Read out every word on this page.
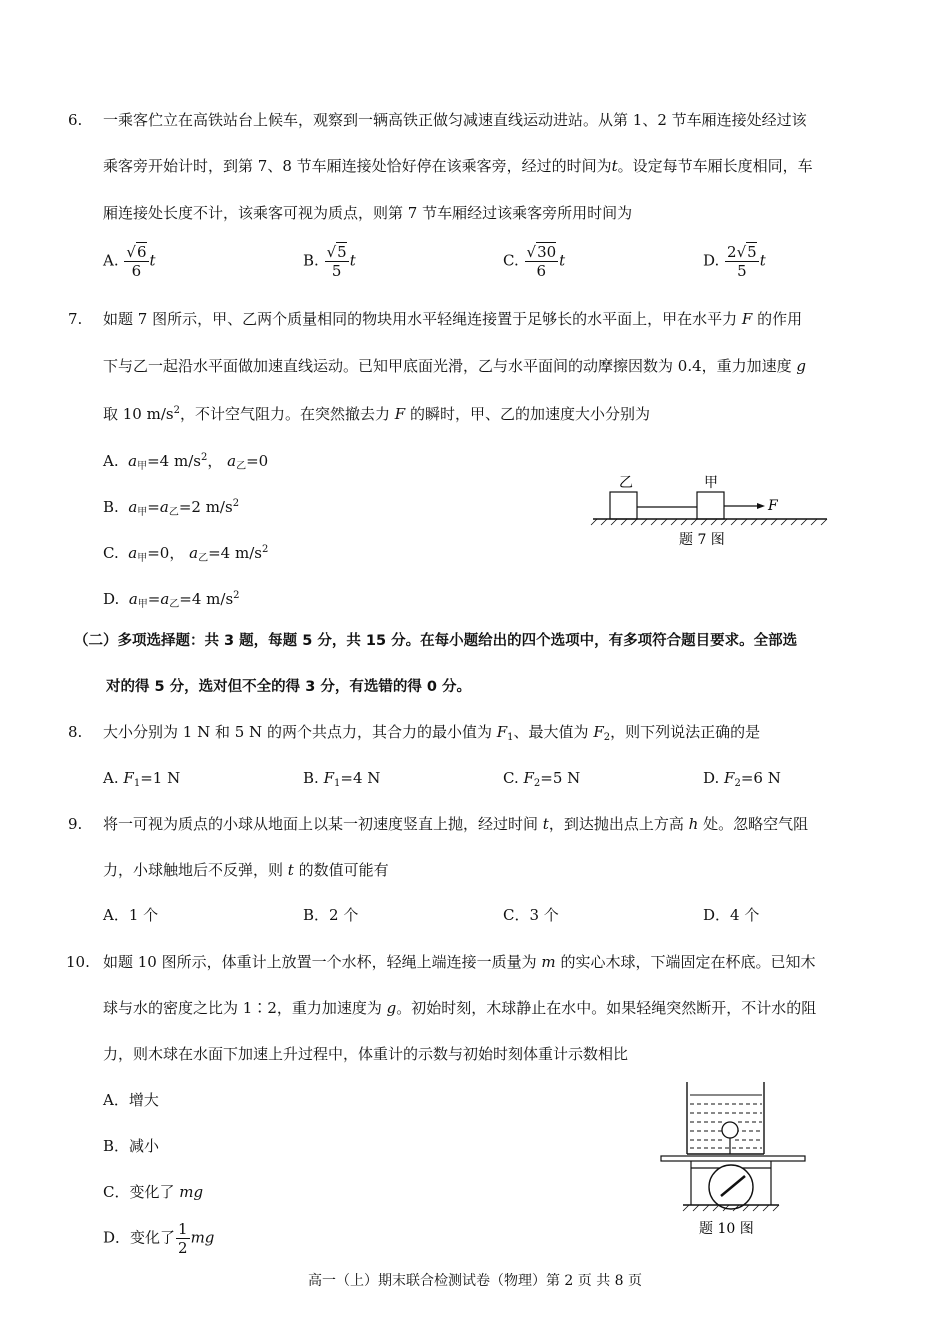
6. 一乘客伫立在高铁站台上候车，观察到一辆高铁正做匀减速直线运动进站。从第 1、2 节车厢连接处经过该
乘客旁开始计时，到第 7、8 节车厢连接处恰好停在该乘客旁，经过的时间为t。设定每节车厢长度相同，车
厢连接处长度不计，该乘客可视为质点，则第 7 节车厢经过该乘客旁所用时间为
A. $\frac{√6}{6}$ t	B. $\frac{√5}{5}$ t	C. $\frac{√30}{6}$ t	D. $\frac{2√5}{5}$ t
7. 如题 7 图所示，甲、乙两个质量相同的物块用水平轻绳连接置于足够长的水平面上，甲在水平力 F 的作用
下与乙一起沿水平面做加速直线运动。已知甲底面光滑，乙与水平面间的动摩擦因数为 0.4，重力加速度 g
取 10 $m/s^2$，不计空气阻力。在突然撤去力 F 的瞬时，甲、乙的加速度大小分别为
A. $a_甲=4$ $m/s^2$， $a_乙=0$
B. $a_甲=a_乙=2$ $m/s^2$
C. $a_甲=0$， $a_乙=4$ $m/s^2$
D. $a_甲=a_乙=4$ $m/s^2$
乙	甲
F
题 7 图
（二）多项选择题：共 3 题，每题 5 分，共 15 分。在每小题给出的四个选项中，有多项符合题目要求。全部选
对的得 5 分，选对但不全的得 3 分，有选错的得 0 分。
8. 大小分别为 1 N 和 5 N 的两个共点力，其合力的最小值为 $F_1$、最大值为 $F_2$，则下列说法正确的是
A. $F_1=1$ N	B. $F_1=4$ N	C. $F_2=5$ N	D. $F_2=6$ N
9. 将一可视为质点的小球从地面上以某一初速度竖直上抛，经过时间 t，到达抛出点上方高 h 处。忽略空气阻
力，小球触地后不反弹，则 t 的数值可能有
A．1 个	B．2 个	C．3 个	D．4 个
10. 如题 10 图所示，体重计上放置一个水杯，轻绳上端连接一质量为 m 的实心木球，下端固定在杯底。已知木
球与水的密度之比为 1∶2，重力加速度为 g。初始时刻，木球静止在水中。如果轻绳突然断开，不计水的阻
力，则木球在水面下加速上升过程中，体重计的示数与初始时刻体重计示数相比
A．增大
B．减小
C．变化了 mg
D．变化了 $\frac{1}{2}$ mg	题 10 图
高一（上）期末联合检测试卷（物理）第 2 页 共 8 页
